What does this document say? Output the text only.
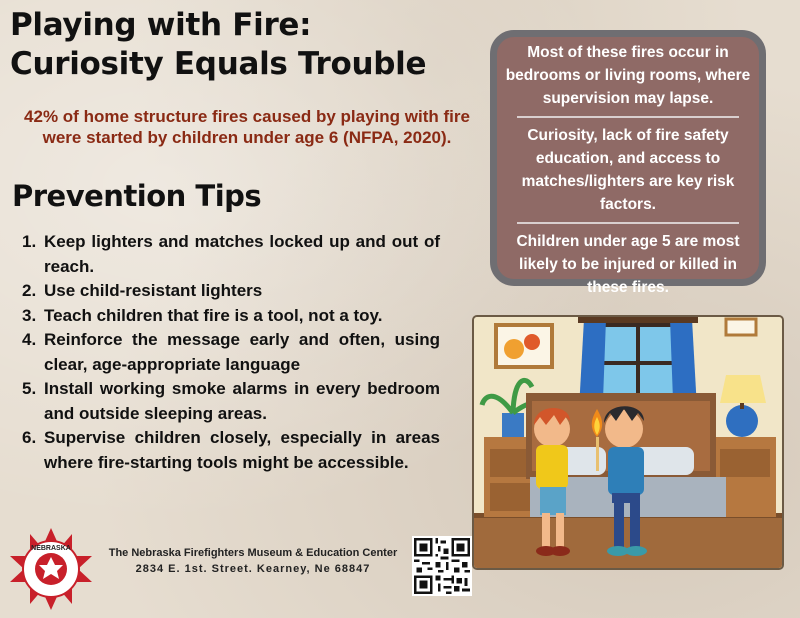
Playing with Fire:
Curiosity Equals Trouble
42% of home structure fires caused by playing with fire were started by children under age 6 (NFPA, 2020).
Prevention Tips
1. Keep lighters and matches locked up and out of reach.
2. Use child-resistant lighters
3. Teach children that fire is a tool, not a toy.
4. Reinforce the message early and often, using clear, age-appropriate language
5. Install working smoke alarms in every bedroom and outside sleeping areas.
6. Supervise children closely, especially in areas where fire-starting tools might be accessible.

Most of these fires occur in bedrooms or living rooms, where supervision may lapse.

Curiosity, lack of fire safety education, and access to matches/lighters are key risk factors.

Children under age 5 are most likely to be injured or killed in these fires.

NEBRASKA	The Nebraska Firefighters Museum & Education Center
2834 E. 1st. Street. Kearney, Ne 68847
